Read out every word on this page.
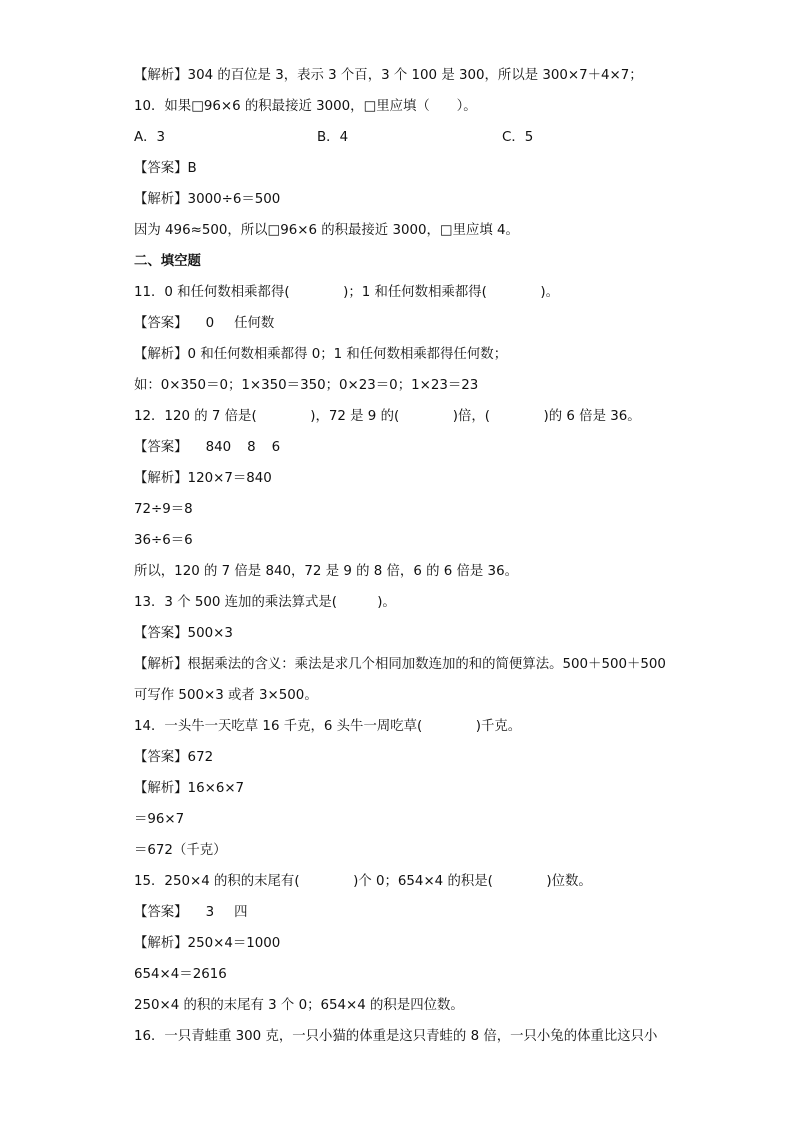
【解析】304 的百位是 3，表示 3 个百，3 个 100 是 300，所以是 300×7＋4×7；
10．如果□96×6 的积最接近 3000，□里应填（　　）。
A．3	B．4	C．5
【答案】B
【解析】3000÷6＝500
因为 496≈500，所以□96×6 的积最接近 3000，□里应填 4。
二、填空题
11．0 和任何数相乘都得(　　　　)；1 和任何数相乘都得(　　　　)。
【答案】 0 任何数
【解析】0 和任何数相乘都得 0；1 和任何数相乘都得任何数；
如：0×350＝0；1×350＝350；0×23＝0；1×23＝23
12．120 的 7 倍是(　　　　)，72 是 9 的(　　　　)倍，(　　　　)的 6 倍是 36。
【答案】 840 8 6
【解析】120×7＝840
72÷9＝8
36÷6＝6
所以，120 的 7 倍是 840，72 是 9 的 8 倍，6 的 6 倍是 36。
13．3 个 500 连加的乘法算式是(　　　)。
【答案】500×3
【解析】根据乘法的含义：乘法是求几个相同加数连加的和的简便算法。500＋500＋500
可写作 500×3 或者 3×500。
14．一头牛一天吃草 16 千克，6 头牛一周吃草(　　　　)千克。
【答案】672
【解析】16×6×7
＝96×7
＝672（千克）
15．250×4 的积的末尾有(　　　　)个 0；654×4 的积是(　　　　)位数。
【答案】 3 四
【解析】250×4＝1000
654×4＝2616
250×4 的积的末尾有 3 个 0；654×4 的积是四位数。
16．一只青蛙重 300 克，一只小猫的体重是这只青蛙的 8 倍，一只小兔的体重比这只小
